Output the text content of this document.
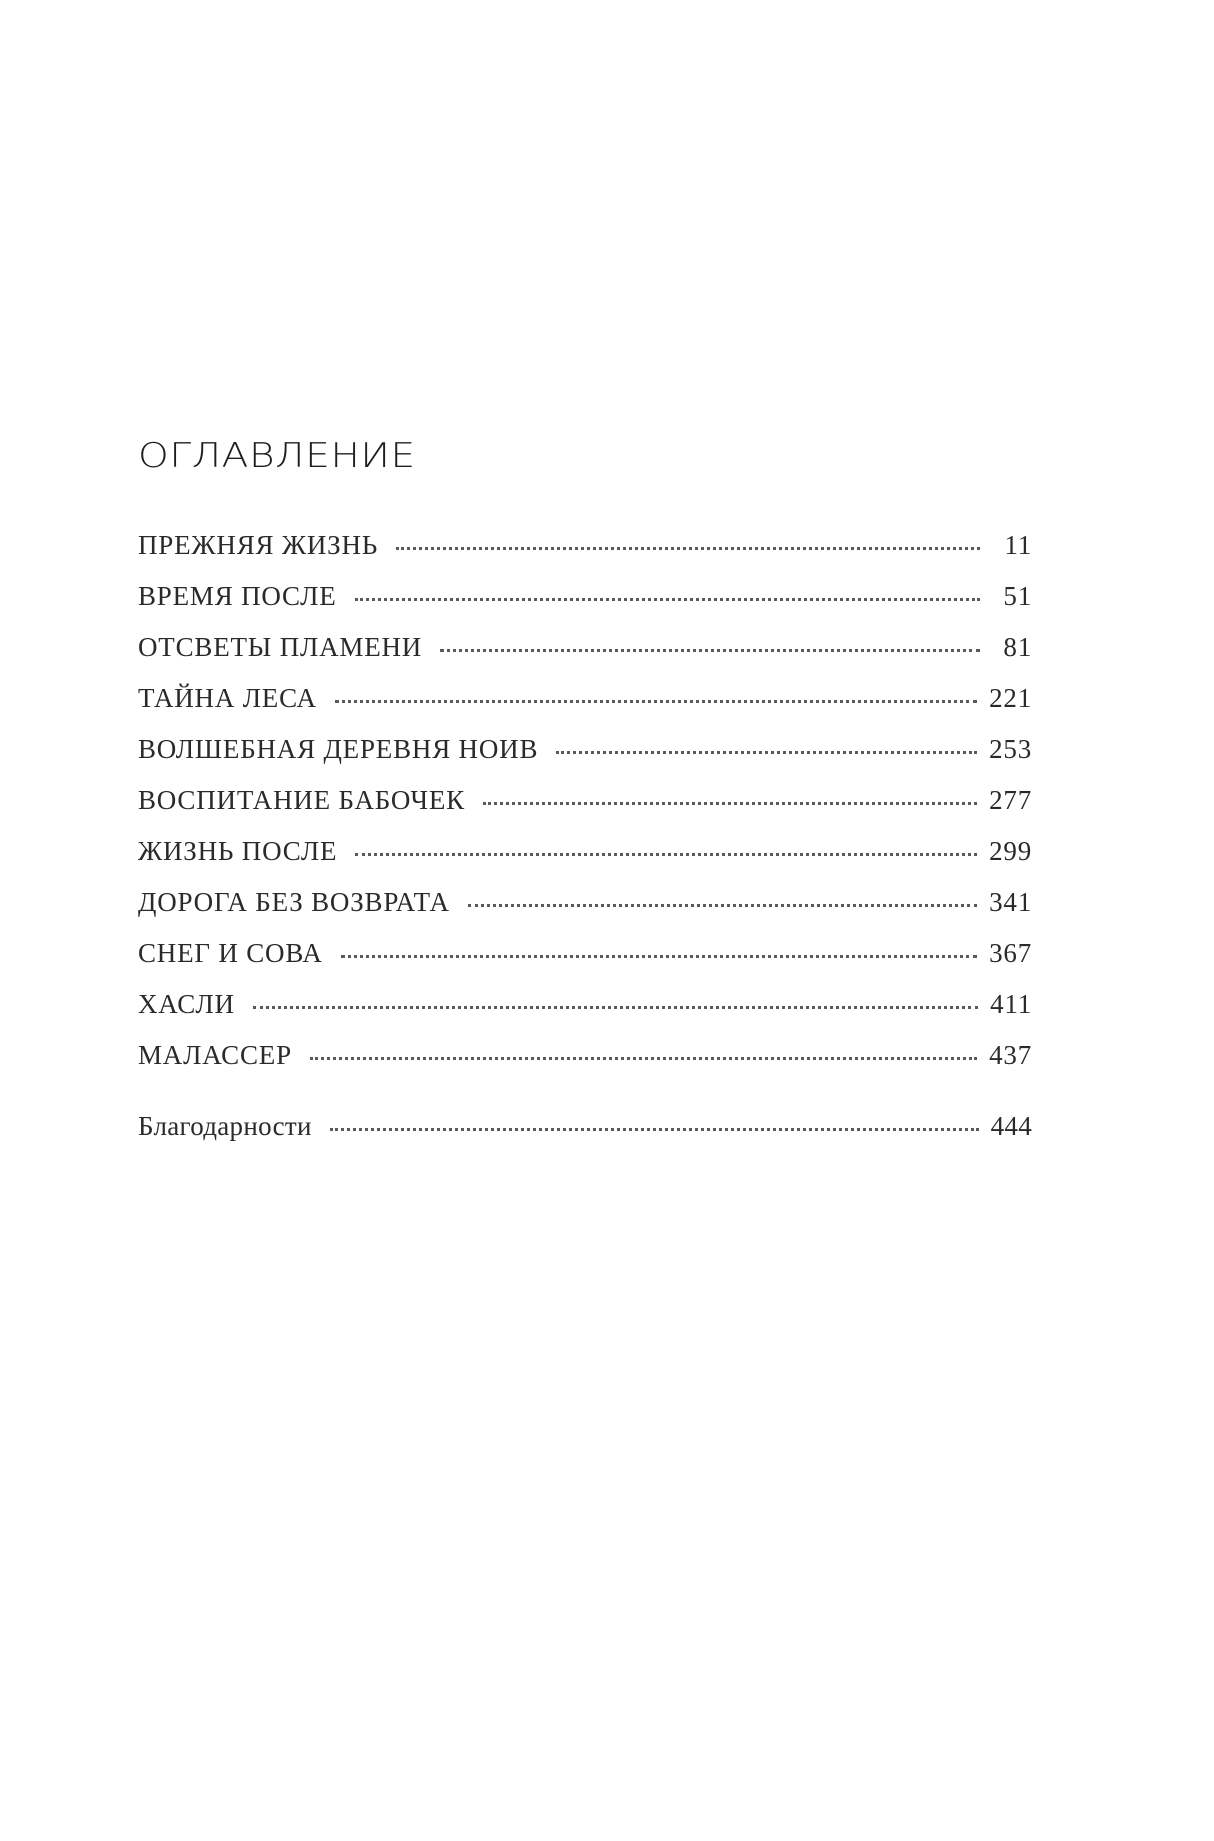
ОГЛАВЛЕНИЕ
ПРЕЖНЯЯ ЖИЗНЬ	11
ВРЕМЯ ПОСЛЕ	51
ОТСВЕТЫ ПЛАМЕНИ	81
ТАЙНА ЛЕСА	221
ВОЛШЕБНАЯ ДЕРЕВНЯ НОИВ	253
ВОСПИТАНИЕ БАБОЧЕК	277
ЖИЗНЬ ПОСЛЕ	299
ДОРОГА БЕЗ ВОЗВРАТА	341
СНЕГ И СОВА	367
ХАСЛИ	411
МАЛАССЕР	437
Благодарности	444
